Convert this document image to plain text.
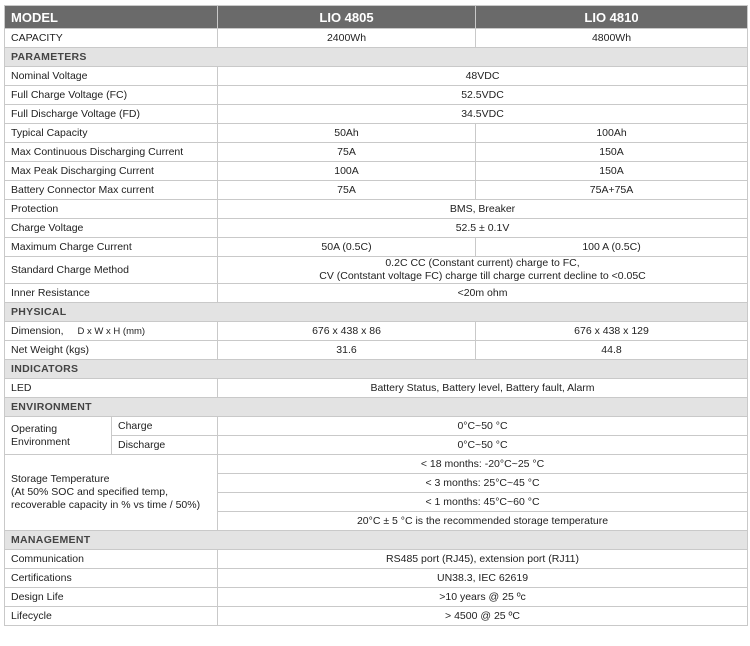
MODEL		LIO 4805	LIO 4810
CAPACITY		2400Wh	4800Wh
PARAMETERS			
Nominal Voltage		48VDC	
Full Charge Voltage (FC)		52.5VDC	
Full Discharge Voltage (FD)		34.5VDC	
Typical Capacity		50Ah	100Ah
Max Continuous Discharging Current		75A	150A
Max Peak Discharging Current		100A	150A
Battery Connector Max current		75A	75A+75A
Protection		BMS, Breaker	
Charge Voltage		52.5 ± 0.1V	
Maximum Charge Current		50A (0.5C)	100 A (0.5C)
Standard Charge Method		0.2C CC (Constant current) charge to FC,
CV (Contstant voltage FC) charge till charge current decline to <0.05C	

Inner Resistance		<20m ohm	
PHYSICAL			
Dimension, D x W x H (mm)		676 x 438 x 86	676 x 438 x 129
Net Weight (kgs)		31.6	44.8
INDICATORS			
LED		Battery Status, Battery level, Battery fault, Alarm	
ENVIRONMENT			

Operating
Environment	Charge	0°C~50 °C	
	Discharge	0°C~50 °C	

Storage Temperature
(At 50% SOC and specified temp,
recoverable capacity in % vs time / 50%)		< 18 months: -20°C~25 °C	
		< 3 months: 25°C~45 °C	
		< 1 months: 45°C~60 °C	
		20°C ± 5 °C is the recommended storage temperature	
MANAGEMENT			
Communication		RS485 port (RJ45), extension port (RJ11)	
Certifications		UN38.3, IEC 62619	
Design Life		>10 years @ 25 ºc	
Lifecycle		> 4500 @ 25 ºC	
